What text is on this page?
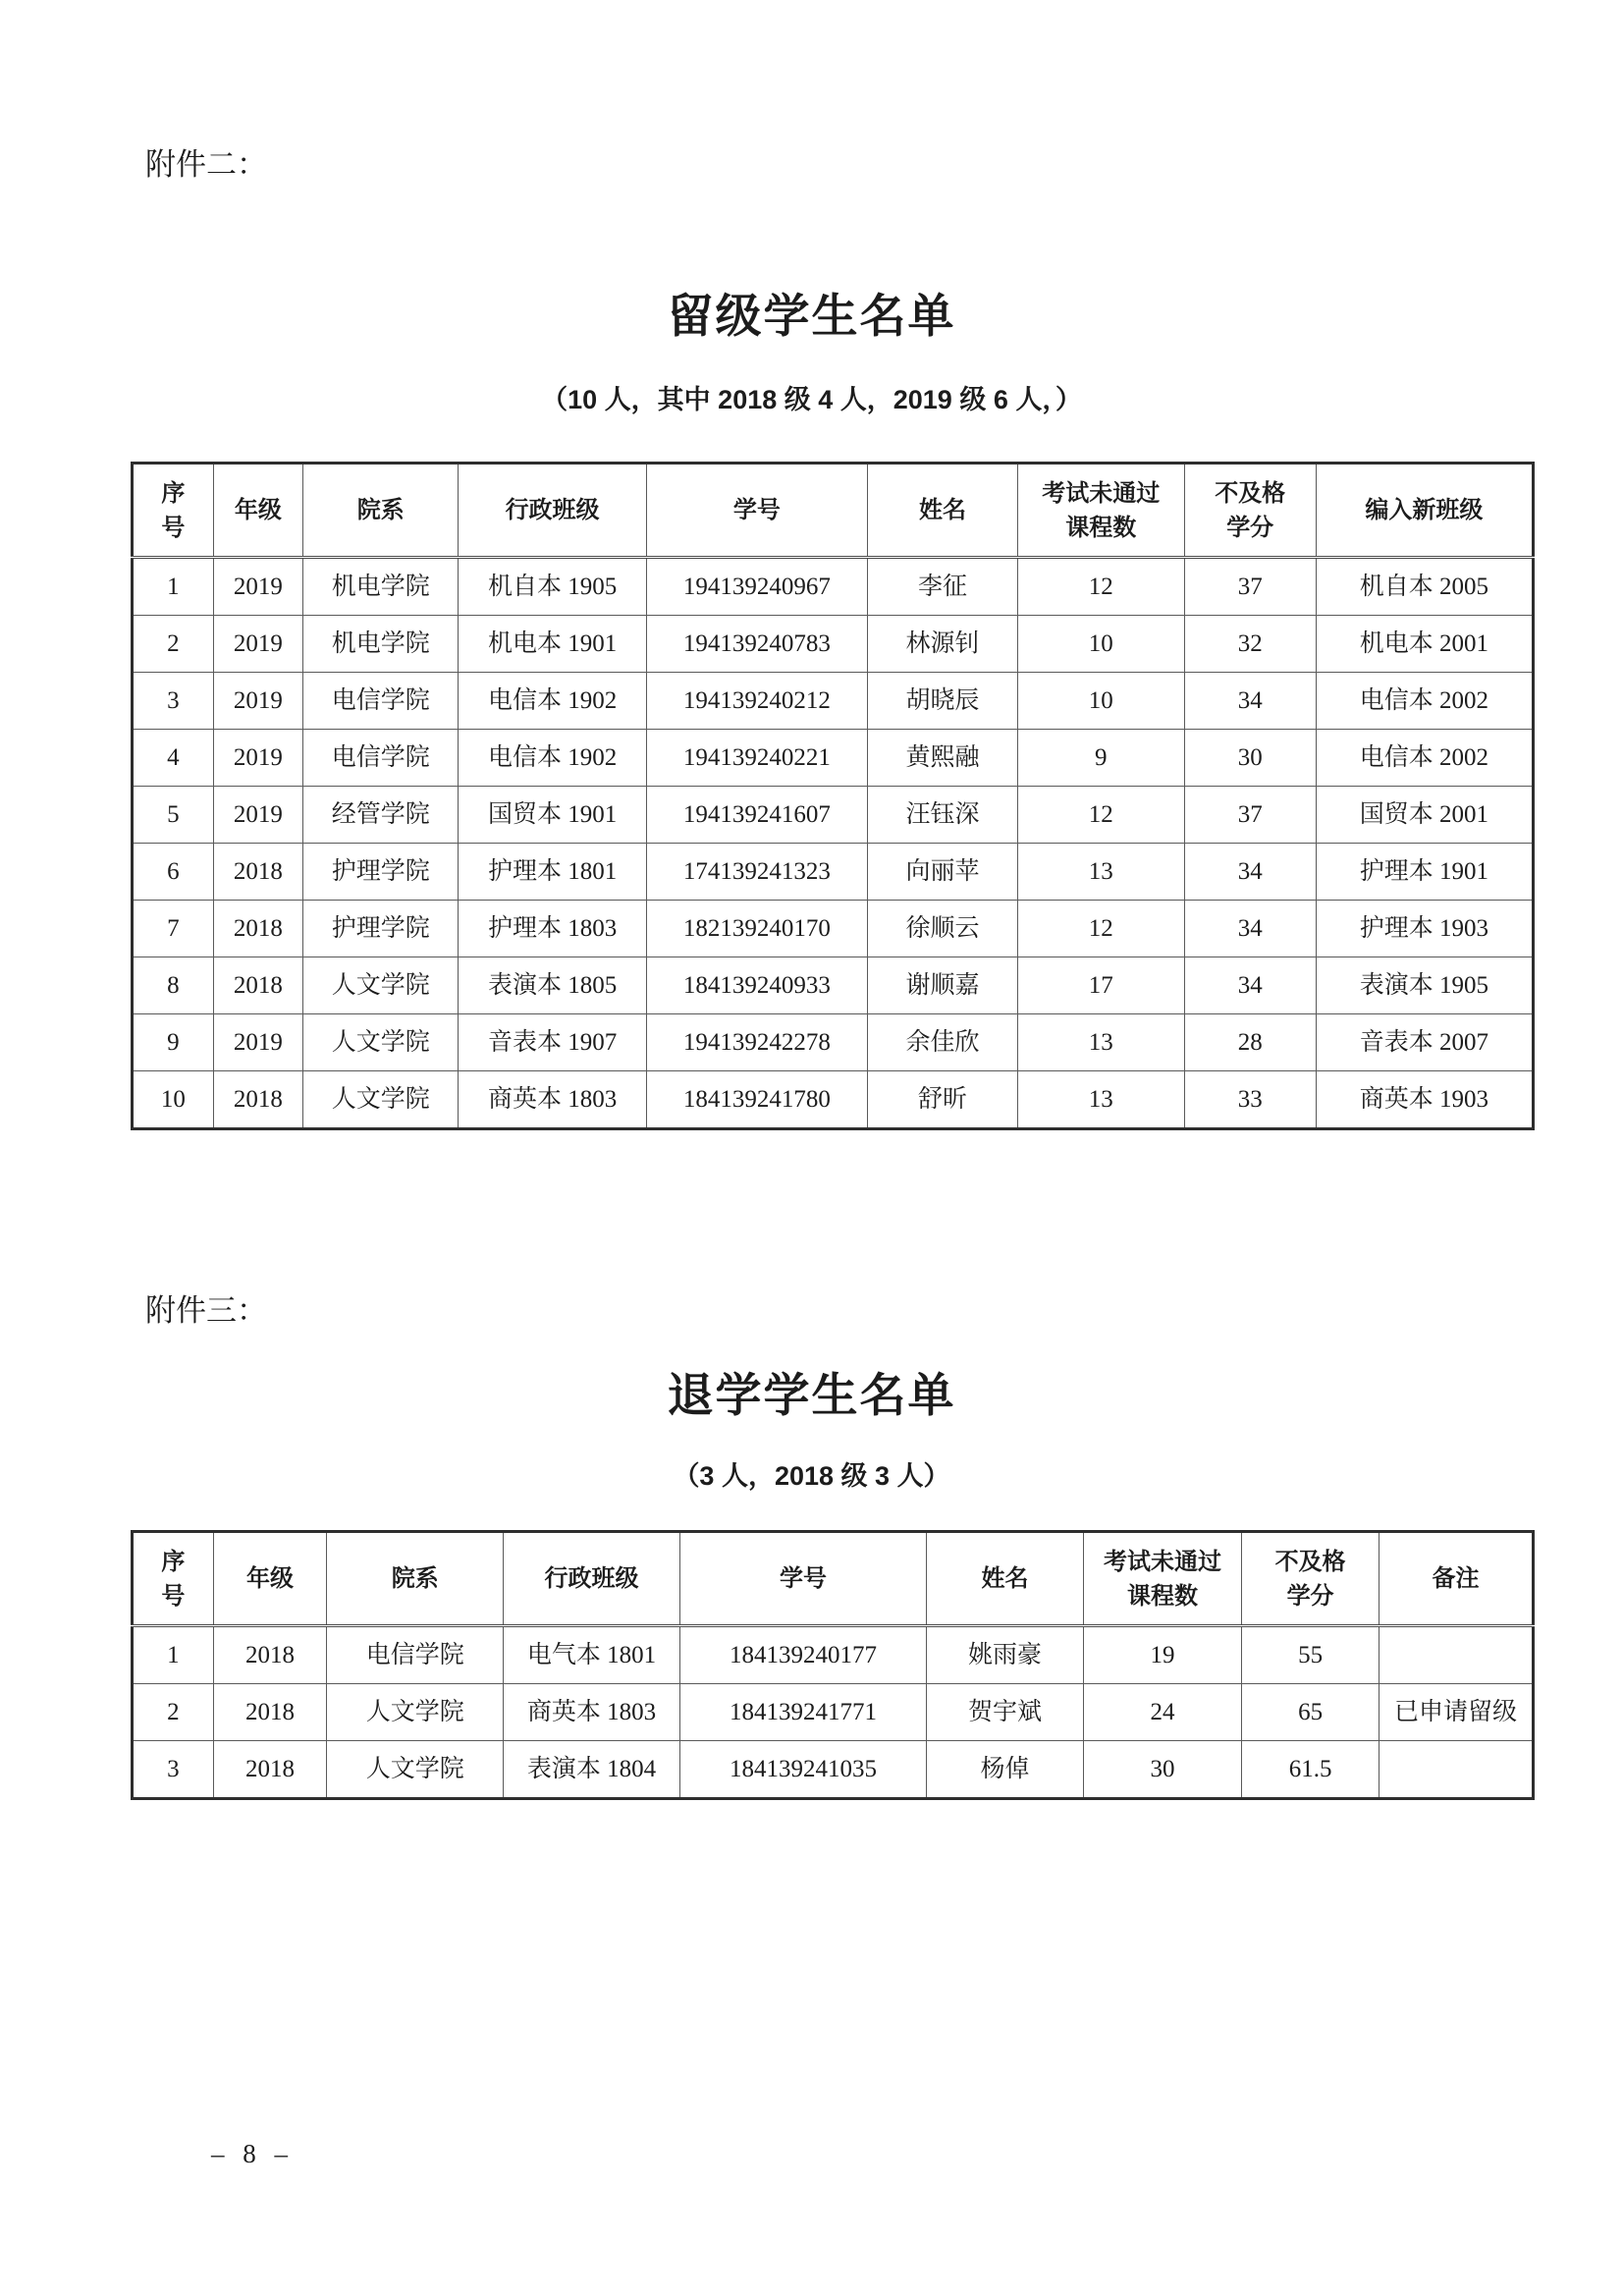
附件二：

留级学生名单

（10 人，其中 2018 级 4 人，2019 级 6 人，）

序号	年级	院系	行政班级	学号	姓名	考试未通过课程数	不及格学分	编入新班级

1	2019	机电学院	机自本 1905	194139240967	李征	12	37	机自本 2005
2	2019	机电学院	机电本 1901	194139240783	林源钊	10	32	机电本 2001
3	2019	电信学院	电信本 1902	194139240212	胡晓辰	10	34	电信本 2002
4	2019	电信学院	电信本 1902	194139240221	黄熙融	9	30	电信本 2002
5	2019	经管学院	国贸本 1901	194139241607	汪钰深	12	37	国贸本 2001
6	2018	护理学院	护理本 1801	174139241323	向丽苹	13	34	护理本 1901
7	2018	护理学院	护理本 1803	182139240170	徐顺云	12	34	护理本 1903
8	2018	人文学院	表演本 1805	184139240933	谢顺嘉	17	34	表演本 1905
9	2019	人文学院	音表本 1907	194139242278	余佳欣	13	28	音表本 2007
10	2018	人文学院	商英本 1803	184139241780	舒昕	13	33	商英本 1903

附件三：

退学学生名单

（3 人，2018 级 3 人）

序号	年级	院系	行政班级	学号	姓名	考试未通过课程数	不及格学分	备注

1	2018	电信学院	电气本 1801	184139240177	姚雨豪	19	55	
2	2018	人文学院	商英本 1803	184139241771	贺宇斌	24	65	已申请留级
3	2018	人文学院	表演本 1804	184139241035	杨倬	30	61.5	
– 8 –
